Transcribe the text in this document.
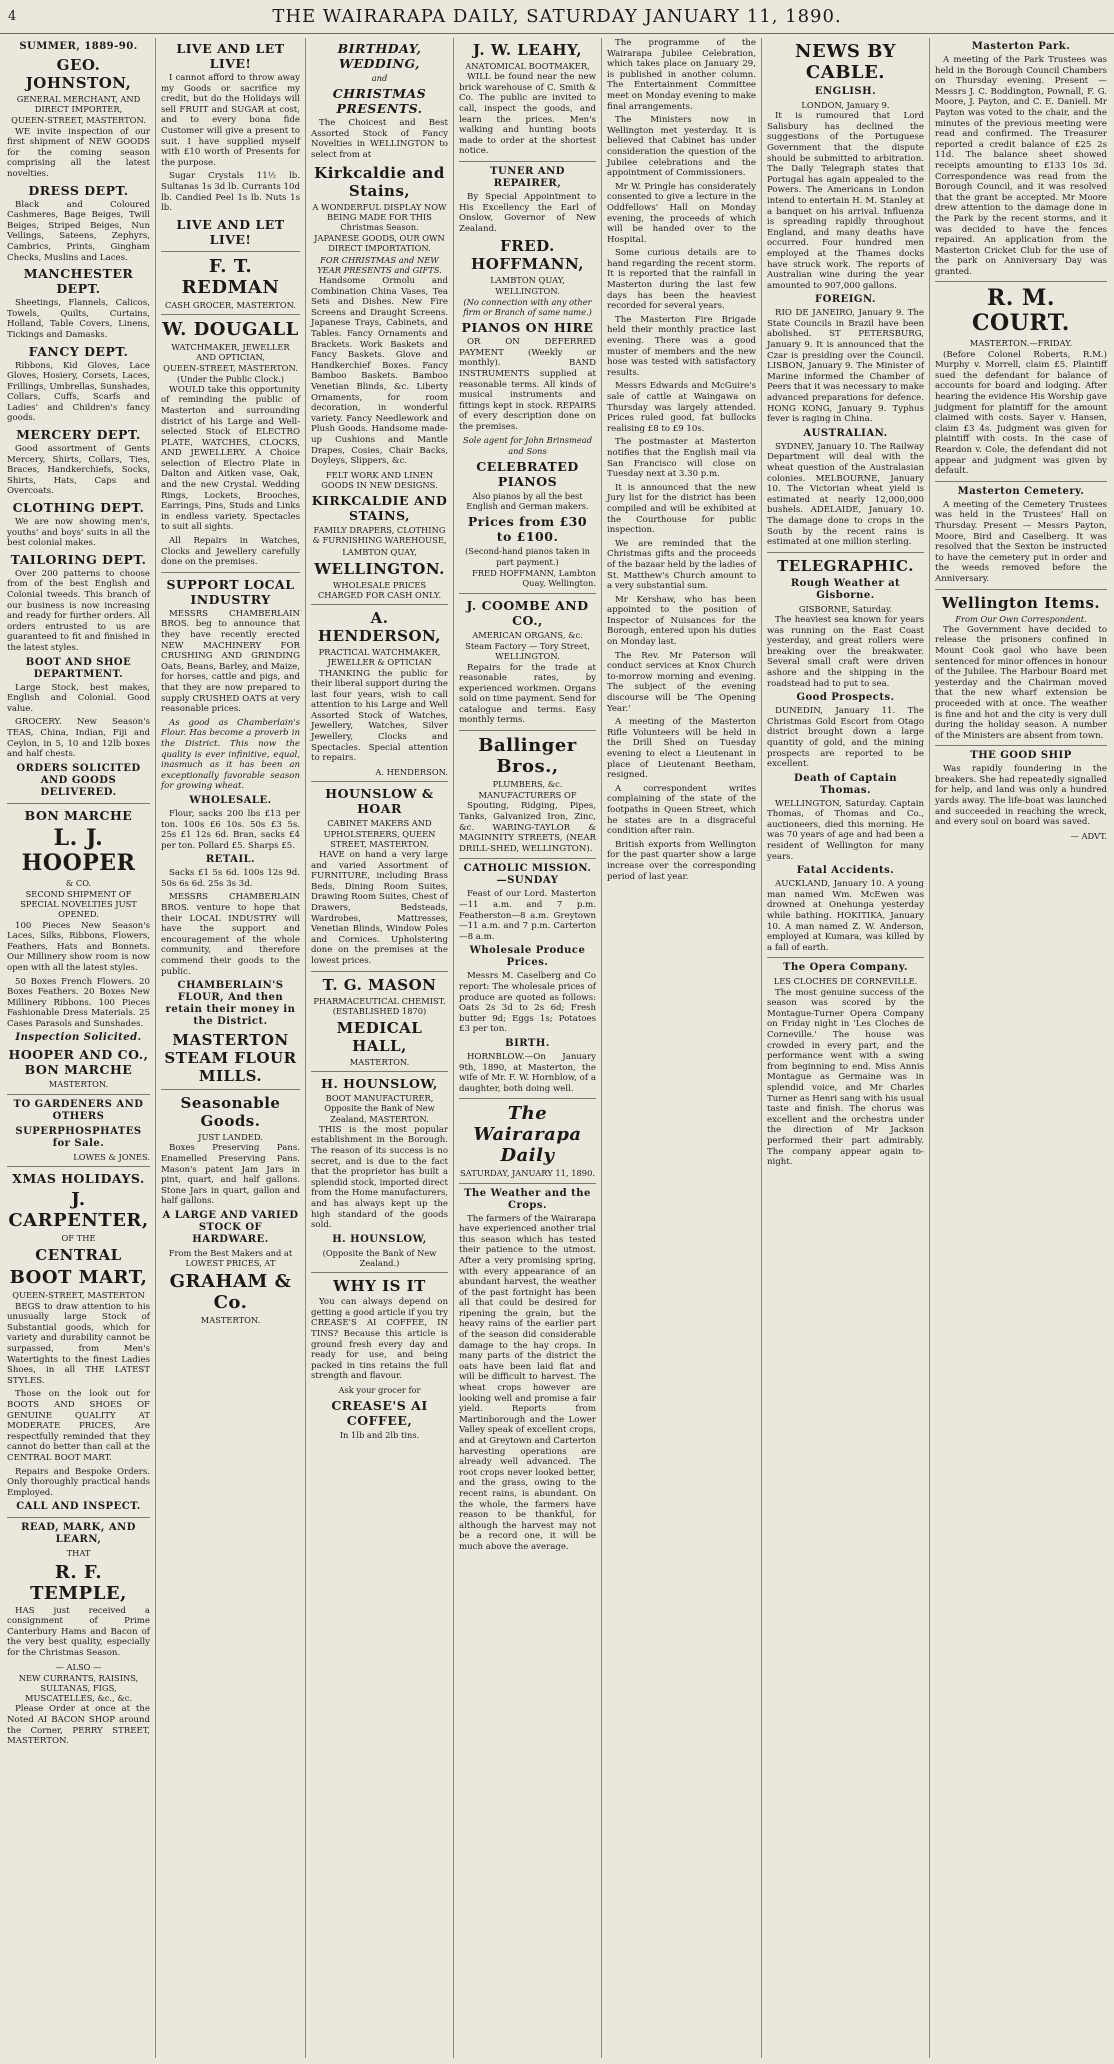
4	THE WAIRARAPA DAILY, SATURDAY JANUARY 11, 1890.
SUMMER, 1889-90.
GEO. JOHNSTON,
GENERAL MERCHANT, AND DIRECT IMPORTER,
QUEEN-STREET, MASTERTON.

WE invite inspection of our first shipment of NEW GOODS for the coming season comprising all the latest novelties.

DRESS DEPT.

Black and Coloured Cashmeres, Bage Beiges, Twill Beiges, Striped Beiges, Nun Veilings, Sateens, Zephyrs, Cambrics, Prints, Gingham Checks, Muslins and Laces.

MANCHESTER DEPT.

Sheetings, Flannels, Calicos, Towels, Quilts, Curtains, Holland, Table Covers, Linens, Tickings and Damasks.

FANCY DEPT.

Ribbons, Kid Gloves, Lace Gloves, Hosiery, Corsets, Laces, Frillings, Umbrellas, Sunshades, Collars, Cuffs, Scarfs and Ladies' and Children's fancy goods.

MERCERY DEPT.

Good assortment of Gents Mercery, Shirts, Collars, Ties, Braces, Handkerchiefs, Socks, Shirts, Hats, Caps and Overcoats.

CLOTHING DEPT.

We are now showing men's, youths' and boys' suits in all the best colonial makes.

TAILORING DEPT.

Over 200 patterns to choose from of the best English and Colonial tweeds. This branch of our business is now increasing and ready for further orders. All orders entrusted to us are guaranteed to fit and finished in the latest styles.

BOOT AND SHOE DEPARTMENT.

Large Stock, best makes, English and Colonial. Good value.

GROCERY. New Season's TEAS, China, Indian, Fiji and Ceylon, in 5, 10 and 12lb boxes and half chests.

ORDERS SOLICITED AND GOODS DELIVERED.
BON MARCHE
L. J. HOOPER
& CO.
SECOND SHIPMENT OF SPECIAL NOVELTIES JUST OPENED.

100 Pieces New Season's Laces, Silks, Ribbons, Flowers, Feathers, Hats and Bonnets. Our Millinery show room is now open with all the latest styles.

50 Boxes French Flowers. 20 Boxes Feathers. 20 Boxes New Millinery Ribbons. 100 Pieces Fashionable Dress Materials. 25 Cases Parasols and Sunshades.

Inspection Solicited.
HOOPER AND CO., BON MARCHE
MASTERTON.
TO GARDENERS AND OTHERS
SUPERPHOSPHATES for Sale.
LOWES & JONES.
XMAS HOLIDAYS.
J. CARPENTER,
OF THE
CENTRAL
BOOT MART,
QUEEN-STREET, MASTERTON

BEGS to draw attention to his unusually large Stock of Substantial goods, which for variety and durability cannot be surpassed, from Men's Watertights to the finest Ladies Shoes, in all THE LATEST STYLES.

Those on the look out for BOOTS AND SHOES OF GENUINE QUALITY AT MODERATE PRICES, Are respectfully reminded that they cannot do better than call at the CENTRAL BOOT MART.

Repairs and Bespoke Orders. Only thoroughly practical hands Employed.

CALL AND INSPECT.
READ, MARK, AND LEARN,
THAT
R. F. TEMPLE,

HAS just received a consignment of Prime Canterbury Hams and Bacon of the very best quality, especially for the Christmas Season.

— ALSO —
NEW CURRANTS, RAISINS, SULTANAS, FIGS, MUSCATELLES, &c., &c.

Please Order at once at the Noted AI BACON SHOP around the Corner, PERRY STREET, MASTERTON.

LIVE AND LET LIVE!

I cannot afford to throw away my Goods or sacrifice my credit, but do the Holidays will sell FRUIT and SUGAR at cost, and to every bona fide Customer will give a present to suit. I have supplied myself with £10 worth of Presents for the purpose.

Sugar Crystals 11½ lb. Sultanas 1s 3d lb. Currants 10d lb. Candied Peel 1s lb. Nuts 1s lb.

LIVE AND LET LIVE!
F. T. REDMAN
CASH GROCER, MASTERTON.
W. DOUGALL
WATCHMAKER, JEWELLER AND OPTICIAN,
QUEEN-STREET, MASTERTON. (Under the Public Clock.)

WOULD take this opportunity of reminding the public of Masterton and surrounding district of his Large and Well-selected Stock of ELECTRO PLATE, WATCHES, CLOCKS, AND JEWELLERY. A Choice selection of Electro Plate in Dalton and Aitken vase, Oak, and the new Crystal. Wedding Rings, Lockets, Brooches, Earrings, Pins, Studs and Links in endless variety. Spectacles to suit all sights.

All Repairs in Watches, Clocks and Jewellery carefully done on the premises.

SUPPORT LOCAL INDUSTRY

MESSRS CHAMBERLAIN BROS. beg to announce that they have recently erected NEW MACHINERY FOR CRUSHING AND GRINDING Oats, Beans, Barley, and Maize, for horses, cattle and pigs, and that they are now prepared to supply CRUSHED OATS at very reasonable prices.

As good as Chamberlain's Flour. Has become a proverb in the District. This now the quality is ever infinitive, equal, inasmuch as it has been an exceptionally favorable season for growing wheat.

WHOLESALE.

Flour, sacks 200 lbs £13 per ton. 100s £6 10s. 50s £3 5s. 25s £1 12s 6d. Bran, sacks £4 per ton. Pollard £5. Sharps £5.

RETAIL.

Sacks £1 5s 6d. 100s 12s 9d. 50s 6s 6d. 25s 3s 3d.

MESSRS CHAMBERLAIN BROS. venture to hope that their LOCAL INDUSTRY will have the support and encouragement of the whole community, and therefore commend their goods to the public.

CHAMBERLAIN'S FLOUR, And then retain their money in the District.
MASTERTON STEAM FLOUR MILLS.
Seasonable Goods.
JUST LANDED.

Boxes Preserving Pans. Enamelled Preserving Pans. Mason's patent Jam Jars in pint, quart, and half gallons. Stone Jars in quart, gallon and half gallons.

A LARGE AND VARIED STOCK OF HARDWARE.
From the Best Makers and at LOWEST PRICES, AT
GRAHAM & Co.
MASTERTON.
BIRTHDAY, WEDDING,
and
CHRISTMAS PRESENTS.

The Choicest and Best Assorted Stock of Fancy Novelties in WELLINGTON to select from at

Kirkcaldie and Stains,
A WONDERFUL DISPLAY NOW BEING MADE FOR THIS Christmas Season.
JAPANESE GOODS, OUR OWN DIRECT IMPORTATION.
FOR CHRISTMAS and NEW YEAR PRESENTS and GIFTS.

Handsome Ormolu and Combination China Vases, Tea Sets and Dishes. New Fire Screens and Draught Screens. Japanese Trays, Cabinets, and Tables. Fancy Ornaments and Brackets. Work Baskets and Fancy Baskets. Glove and Handkerchief Boxes. Fancy Bamboo Baskets. Bamboo Venetian Blinds, &c. Liberty Ornaments, for room decoration, in wonderful variety. Fancy Needlework and Plush Goods. Handsome made-up Cushions and Mantle Drapes, Cosies, Chair Backs, Doyleys, Slippers, &c.

FELT WORK AND LINEN GOODS IN NEW DESIGNS.
KIRKCALDIE AND STAINS,
FAMILY DRAPERS, CLOTHING & FURNISHING WAREHOUSE,
LAMBTON QUAY,
WELLINGTON.
WHOLESALE PRICES CHARGED FOR CASH ONLY.
A. HENDERSON,
PRACTICAL WATCHMAKER, JEWELLER & OPTICIAN

THANKING the public for their liberal support during the last four years, wish to call attention to his Large and Well Assorted Stock of Watches, Jewellery, Watches, Silver Jewellery, Clocks and Spectacles. Special attention to repairs.

A. HENDERSON.
HOUNSLOW & HOAR
CABINET MAKERS AND UPHOLSTERERS, QUEEN STREET, MASTERTON.

HAVE on hand a very large and varied Assortment of FURNITURE, including Brass Beds, Dining Room Suites, Drawing Room Suites, Chest of Drawers, Bedsteads, Wardrobes, Mattresses, Venetian Blinds, Window Poles and Cornices. Upholstering done on the premises at the lowest prices.

T. G. MASON
PHARMACEUTICAL CHEMIST. (ESTABLISHED 1870)
MEDICAL HALL,
MASTERTON.
H. HOUNSLOW,
BOOT MANUFACTURER, Opposite the Bank of New Zealand, MASTERTON.

THIS is the most popular establishment in the Borough. The reason of its success is no secret, and is due to the fact that the proprietor has built a splendid stock, imported direct from the Home manufacturers, and has always kept up the high standard of the goods sold.

H. HOUNSLOW,
(Opposite the Bank of New Zealand.)
WHY IS IT

You can always depend on getting a good article if you try CREASE'S AI COFFEE, IN TINS? Because this article is ground fresh every day and ready for use, and being packed in tins retains the full strength and flavour.

Ask your grocer for
CREASE'S AI COFFEE,
In 1lb and 2lb tins.
J. W. LEAHY,
ANATOMICAL BOOTMAKER,

WILL be found near the new brick warehouse of C. Smith & Co. The public are invited to call, inspect the goods, and learn the prices. Men's walking and hunting boots made to order at the shortest notice.

TUNER AND REPAIRER,

By Special Appointment to His Excellency the Earl of Onslow, Governor of New Zealand.

FRED. HOFFMANN,
LAMBTON QUAY, WELLINGTON.
(No connection with any other firm or Branch of same name.)
PIANOS ON HIRE

OR ON DEFERRED PAYMENT (Weekly or monthly). BAND INSTRUMENTS supplied at reasonable terms. All kinds of musical instruments and fittings kept in stock. REPAIRS of every description done on the premises.

Sole agent for John Brinsmead and Sons
CELEBRATED PIANOS
Also pianos by all the best English and German makers.
Prices from £30 to £100.
(Second-hand pianos taken in part payment.)
FRED HOFFMANN, Lambton Quay, Wellington.
J. COOMBE AND CO.,
AMERICAN ORGANS, &c.
Steam Factory — Tory Street, WELLINGTON.

Repairs for the trade at reasonable rates, by experienced workmen. Organs sold on time payment. Send for catalogue and terms. Easy monthly terms.

Ballinger Bros.,
PLUMBERS, &c.
MANUFACTURERS OF

Spouting, Ridging, Pipes, Tanks, Galvanized Iron, Zinc, &c. WARING-TAYLOR & MAGINNITY STREETS, (NEAR DRILL-SHED, WELLINGTON).

CATHOLIC MISSION.—SUNDAY

Feast of our Lord. Masterton—11 a.m. and 7 p.m. Featherston—8 a.m. Greytown—11 a.m. and 7 p.m. Carterton—8 a.m.

Wholesale Produce Prices.

Messrs M. Caselberg and Co report: The wholesale prices of produce are quoted as follows: Oats 2s 3d to 2s 6d; Fresh butter 9d; Eggs 1s; Potatoes £3 per ton.

BIRTH.

HORNBLOW.—On January 9th, 1890, at Masterton, the wife of Mr. F. W. Hornblow, of a daughter, both doing well.

The Wairarapa Daily
SATURDAY, JANUARY 11, 1890.
The Weather and the Crops.

The farmers of the Wairarapa have experienced another trial this season which has tested their patience to the utmost. After a very promising spring, with every appearance of an abundant harvest, the weather of the past fortnight has been all that could be desired for ripening the grain, but the heavy rains of the earlier part of the season did considerable damage to the hay crops. In many parts of the district the oats have been laid flat and will be difficult to harvest. The wheat crops however are looking well and promise a fair yield. Reports from Martinborough and the Lower Valley speak of excellent crops, and at Greytown and Carterton harvesting operations are already well advanced. The root crops never looked better, and the grass, owing to the recent rains, is abundant. On the whole, the farmers have reason to be thankful, for although the harvest may not be a record one, it will be much above the average.

The programme of the Wairarapa Jubilee Celebration, which takes place on January 29, is published in another column. The Entertainment Committee meet on Monday evening to make final arrangements.

The Ministers now in Wellington met yesterday. It is believed that Cabinet has under consideration the question of the Jubilee celebrations and the appointment of Commissioners.

Mr W. Pringle has considerately consented to give a lecture in the Oddfellows' Hall on Monday evening, the proceeds of which will be handed over to the Hospital.

Some curious details are to hand regarding the recent storm. It is reported that the rainfall in Masterton during the last few days has been the heaviest recorded for several years.

The Masterton Fire Brigade held their monthly practice last evening. There was a good muster of members and the new hose was tested with satisfactory results.

Messrs Edwards and McGuire's sale of cattle at Waingawa on Thursday was largely attended. Prices ruled good, fat bullocks realising £8 to £9 10s.

The postmaster at Masterton notifies that the English mail via San Francisco will close on Tuesday next at 3.30 p.m.

It is announced that the new Jury list for the district has been compiled and will be exhibited at the Courthouse for public inspection.

We are reminded that the Christmas gifts and the proceeds of the bazaar held by the ladies of St. Matthew's Church amount to a very substantial sum.

Mr Kershaw, who has been appointed to the position of Inspector of Nuisances for the Borough, entered upon his duties on Monday last.

The Rev. Mr Paterson will conduct services at Knox Church to-morrow morning and evening. The subject of the evening discourse will be 'The Opening Year.'

A meeting of the Masterton Rifle Volunteers will be held in the Drill Shed on Tuesday evening to elect a Lieutenant in place of Lieutenant Beetham, resigned.

A correspondent writes complaining of the state of the footpaths in Queen Street, which he states are in a disgraceful condition after rain.

British exports from Wellington for the past quarter show a large increase over the corresponding period of last year.

NEWS BY CABLE.
ENGLISH.
LONDON, January 9.

It is rumoured that Lord Salisbury has declined the suggestions of the Portuguese Government that the dispute should be submitted to arbitration. The Daily Telegraph states that Portugal has again appealed to the Powers. The Americans in London intend to entertain H. M. Stanley at a banquet on his arrival. Influenza is spreading rapidly throughout England, and many deaths have occurred. Four hundred men employed at the Thames docks have struck work. The reports of Australian wine during the year amounted to 907,000 gallons.

FOREIGN.

RIO DE JANEIRO, January 9. The State Councils in Brazil have been abolished. ST PETERSBURG, January 9. It is announced that the Czar is presiding over the Council. LISBON, January 9. The Minister of Marine informed the Chamber of Peers that it was necessary to make advanced preparations for defence. HONG KONG, January 9. Typhus fever is raging in China.

AUSTRALIAN.

SYDNEY, January 10. The Railway Department will deal with the wheat question of the Australasian colonies. MELBOURNE, January 10. The Victorian wheat yield is estimated at nearly 12,000,000 bushels. ADELAIDE, January 10. The damage done to crops in the South by the recent rains is estimated at one million sterling.

TELEGRAPHIC.
Rough Weather at Gisborne.
GISBORNE, Saturday.

The heaviest sea known for years was running on the East Coast yesterday, and great rollers were breaking over the breakwater. Several small craft were driven ashore and the shipping in the roadstead had to put to sea.

Good Prospects.

DUNEDIN, January 11. The Christmas Gold Escort from Otago district brought down a large quantity of gold, and the mining prospects are reported to be excellent.

Death of Captain Thomas.

WELLINGTON, Saturday. Captain Thomas, of Thomas and Co., auctioneers, died this morning. He was 70 years of age and had been a resident of Wellington for many years.

Fatal Accidents.

AUCKLAND, January 10. A young man named Wm. McEwen was drowned at Onehunga yesterday while bathing. HOKITIKA, January 10. A man named Z. W. Anderson, employed at Kumara, was killed by a fall of earth.

The Opera Company.
LES CLOCHES DE CORNEVILLE.

The most genuine success of the season was scored by the Montague-Turner Opera Company on Friday night in 'Les Cloches de Corneville.' The house was crowded in every part, and the performance went with a swing from beginning to end. Miss Annis Montague as Germaine was in splendid voice, and Mr Charles Turner as Henri sang with his usual taste and finish. The chorus was excellent and the orchestra under the direction of Mr Jackson performed their part admirably. The company appear again to-night.

Masterton Park.

A meeting of the Park Trustees was held in the Borough Council Chambers on Thursday evening. Present — Messrs J. C. Boddington, Pownall, F. G. Moore, J. Payton, and C. E. Daniell. Mr Payton was voted to the chair, and the minutes of the previous meeting were read and confirmed. The Treasurer reported a credit balance of £25 2s 11d. The balance sheet showed receipts amounting to £133 10s 3d. Correspondence was read from the Borough Council, and it was resolved that the grant be accepted. Mr Moore drew attention to the damage done in the Park by the recent storms, and it was decided to have the fences repaired. An application from the Masterton Cricket Club for the use of the park on Anniversary Day was granted.

R. M. COURT.
MASTERTON.—FRIDAY.

(Before Colonel Roberts, R.M.) Murphy v. Morrell, claim £5. Plaintiff sued the defendant for balance of accounts for board and lodging. After hearing the evidence His Worship gave judgment for plaintiff for the amount claimed with costs. Sayer v. Hansen, claim £3 4s. Judgment was given for plaintiff with costs. In the case of Reardon v. Cole, the defendant did not appear and judgment was given by default.

Masterton Cemetery.

A meeting of the Cemetery Trustees was held in the Trustees' Hall on Thursday. Present — Messrs Payton, Moore, Bird and Caselberg. It was resolved that the Sexton be instructed to have the cemetery put in order and the weeds removed before the Anniversary.

Wellington Items.
From Our Own Correspondent.

The Government have decided to release the prisoners confined in Mount Cook gaol who have been sentenced for minor offences in honour of the Jubilee. The Harbour Board met yesterday and the Chairman moved that the new wharf extension be proceeded with at once. The weather is fine and hot and the city is very dull during the holiday season. A number of the Ministers are absent from town.

THE GOOD SHIP

Was rapidly foundering in the breakers. She had repeatedly signalled for help, and land was only a hundred yards away. The life-boat was launched and succeeded in reaching the wreck, and every soul on board was saved.

— ADVT.
